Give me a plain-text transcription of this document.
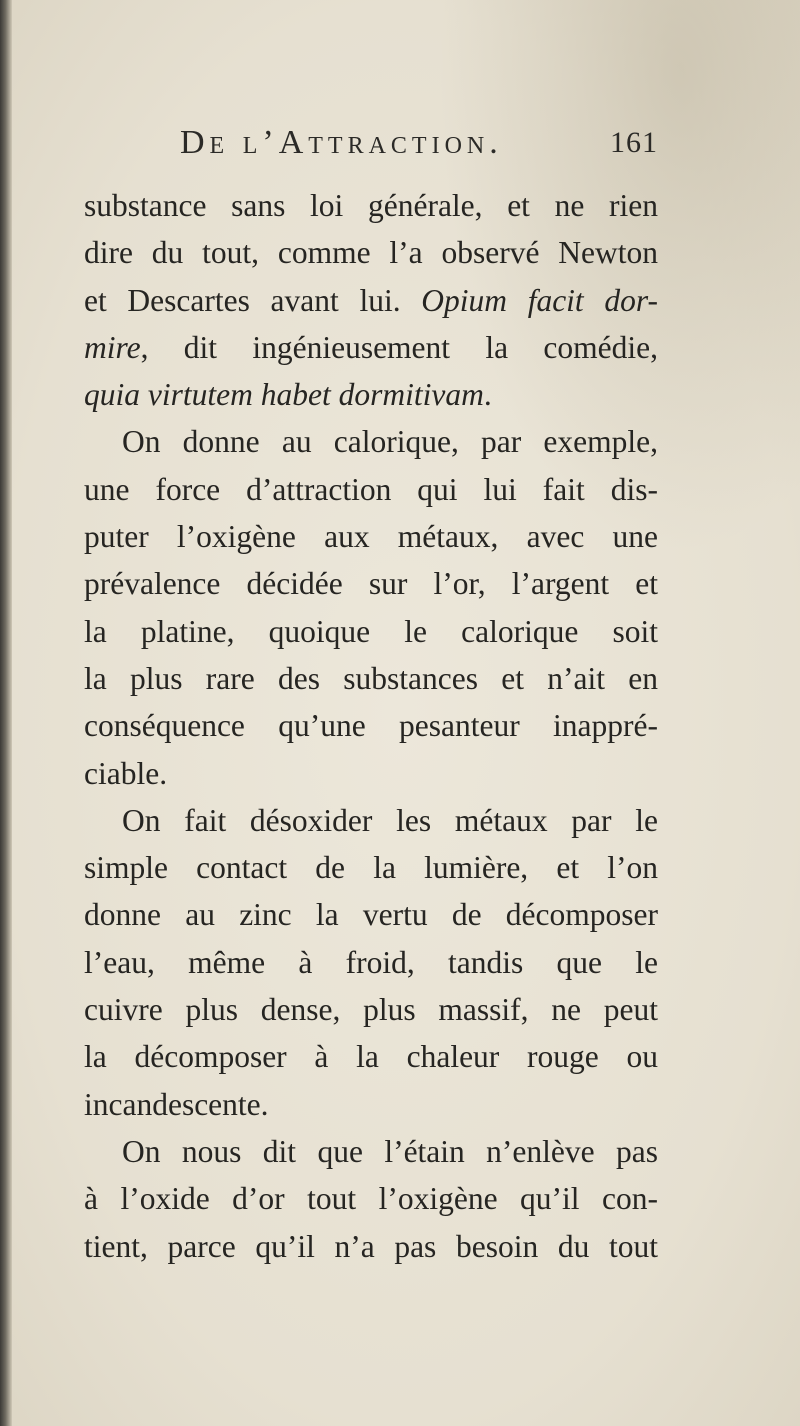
De l’Attraction.	161
substance sans loi générale, et ne rien
dire du tout, comme l’a observé Newton
et Descartes avant lui. Opium facit dor-
mire, dit ingénieusement la comédie,
quia virtutem habet dormitivam.
On donne au calorique, par exemple,
une force d’attraction qui lui fait dis-
puter l’oxigène aux métaux, avec une
prévalence décidée sur l’or, l’argent et
la platine, quoique le calorique soit
la plus rare des substances et n’ait en
conséquence qu’une pesanteur inappré-
ciable.
On fait désoxider les métaux par le
simple contact de la lumière, et l’on
donne au zinc la vertu de décomposer
l’eau, même à froid, tandis que le
cuivre plus dense, plus massif, ne peut
la décomposer à la chaleur rouge ou
incandescente.
On nous dit que l’étain n’enlève pas
à l’oxide d’or tout l’oxigène qu’il con-
tient, parce qu’il n’a pas besoin du tout
